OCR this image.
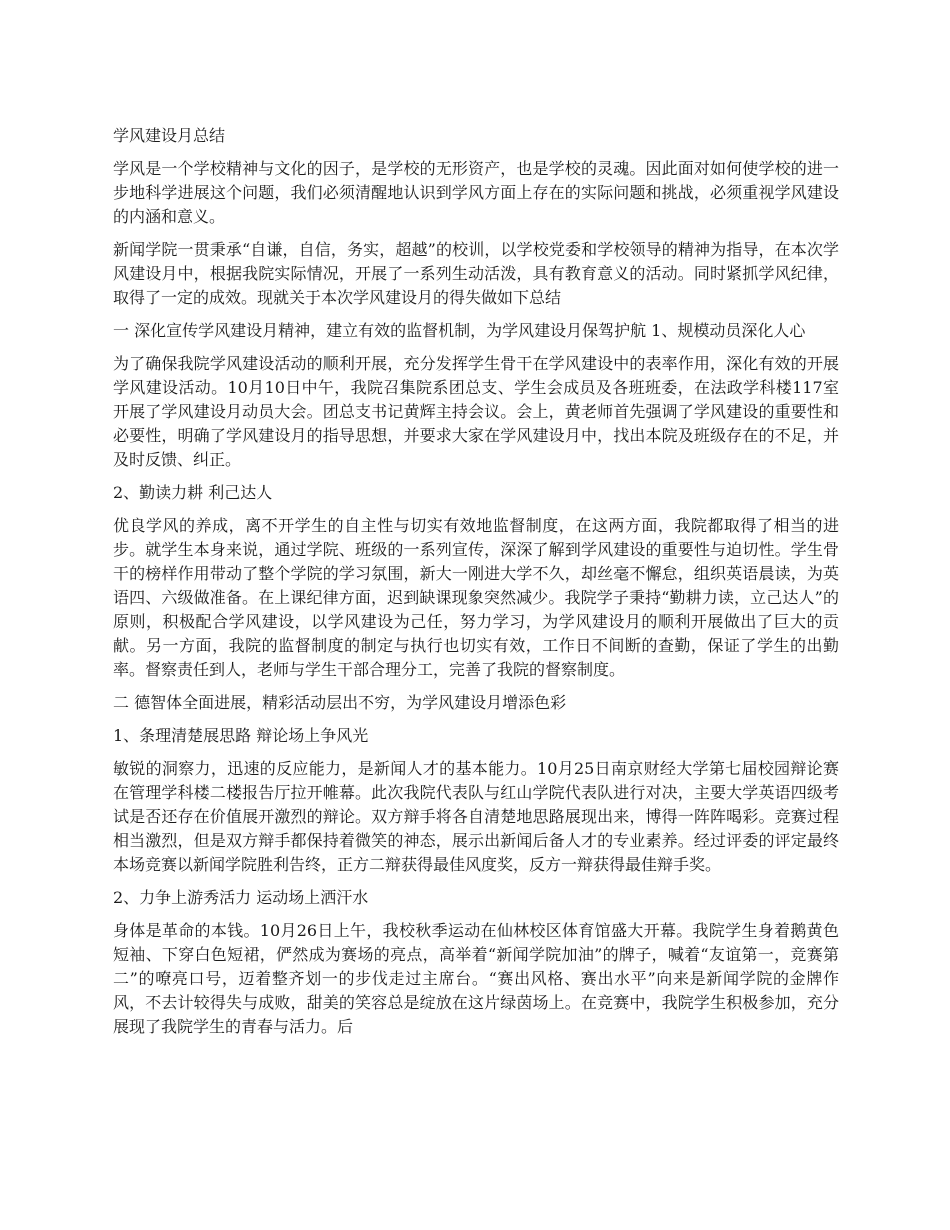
学风建设月总结

学风是一个学校精神与文化的因子，是学校的无形资产，也是学校的灵魂。因此面对如何使学校的进一步地科学进展这个问题，我们必须清醒地认识到学风方面上存在的实际问题和挑战，必须重视学风建设的内涵和意义。

新闻学院一贯秉承“自谦，自信，务实，超越”的校训，以学校党委和学校领导的精神为指导，在本次学风建设月中，根据我院实际情况，开展了一系列生动活泼，具有教育意义的活动。同时紧抓学风纪律，取得了一定的成效。现就关于本次学风建设月的得失做如下总结

一 深化宣传学风建设月精神，建立有效的监督机制，为学风建设月保驾护航 1、规模动员深化人心

为了确保我院学风建设活动的顺利开展，充分发挥学生骨干在学风建设中的表率作用，深化有效的开展学风建设活动。10月10日中午，我院召集院系团总支、学生会成员及各班班委，在法政学科楼117室开展了学风建设月动员大会。团总支书记黄辉主持会议。会上，黄老师首先强调了学风建设的重要性和必要性，明确了学风建设月的指导思想，并要求大家在学风建设月中，找出本院及班级存在的不足，并及时反馈、纠正。

2、勤读力耕 利己达人

优良学风的养成，离不开学生的自主性与切实有效地监督制度，在这两方面，我院都取得了相当的进步。就学生本身来说，通过学院、班级的一系列宣传，深深了解到学风建设的重要性与迫切性。学生骨干的榜样作用带动了整个学院的学习氛围，新大一刚进大学不久，却丝毫不懈怠，组织英语晨读，为英语四、六级做准备。在上课纪律方面，迟到缺课现象突然减少。我院学子秉持“勤耕力读，立己达人”的原则，积极配合学风建设，以学风建设为己任，努力学习，为学风建设月的顺利开展做出了巨大的贡献。另一方面，我院的监督制度的制定与执行也切实有效，工作日不间断的查勤，保证了学生的出勤率。督察责任到人，老师与学生干部合理分工，完善了我院的督察制度。

二 德智体全面进展，精彩活动层出不穷，为学风建设月增添色彩

1、条理清楚展思路 辩论场上争风光

敏锐的洞察力，迅速的反应能力，是新闻人才的基本能力。10月25日南京财经大学第七届校园辩论赛在管理学科楼二楼报告厅拉开帷幕。此次我院代表队与红山学院代表队进行对决，主要大学英语四级考试是否还存在价值展开激烈的辩论。双方辩手将各自清楚地思路展现出来，博得一阵阵喝彩。竞赛过程相当激烈，但是双方辩手都保持着微笑的神态，展示出新闻后备人才的专业素养。经过评委的评定最终本场竞赛以新闻学院胜利告终，正方二辩获得最佳风度奖，反方一辩获得最佳辩手奖。

2、力争上游秀活力 运动场上洒汗水

身体是革命的本钱。10月26日上午，我校秋季运动在仙林校区体育馆盛大开幕。我院学生身着鹅黄色短袖、下穿白色短裙，俨然成为赛场的亮点，高举着“新闻学院加油”的牌子，喊着“友谊第一，竞赛第二”的嘹亮口号，迈着整齐划一的步伐走过主席台。“赛出风格、赛出水平”向来是新闻学院的金牌作风，不去计较得失与成败，甜美的笑容总是绽放在这片绿茵场上。在竞赛中，我院学生积极参加，充分展现了我院学生的青春与活力。后
